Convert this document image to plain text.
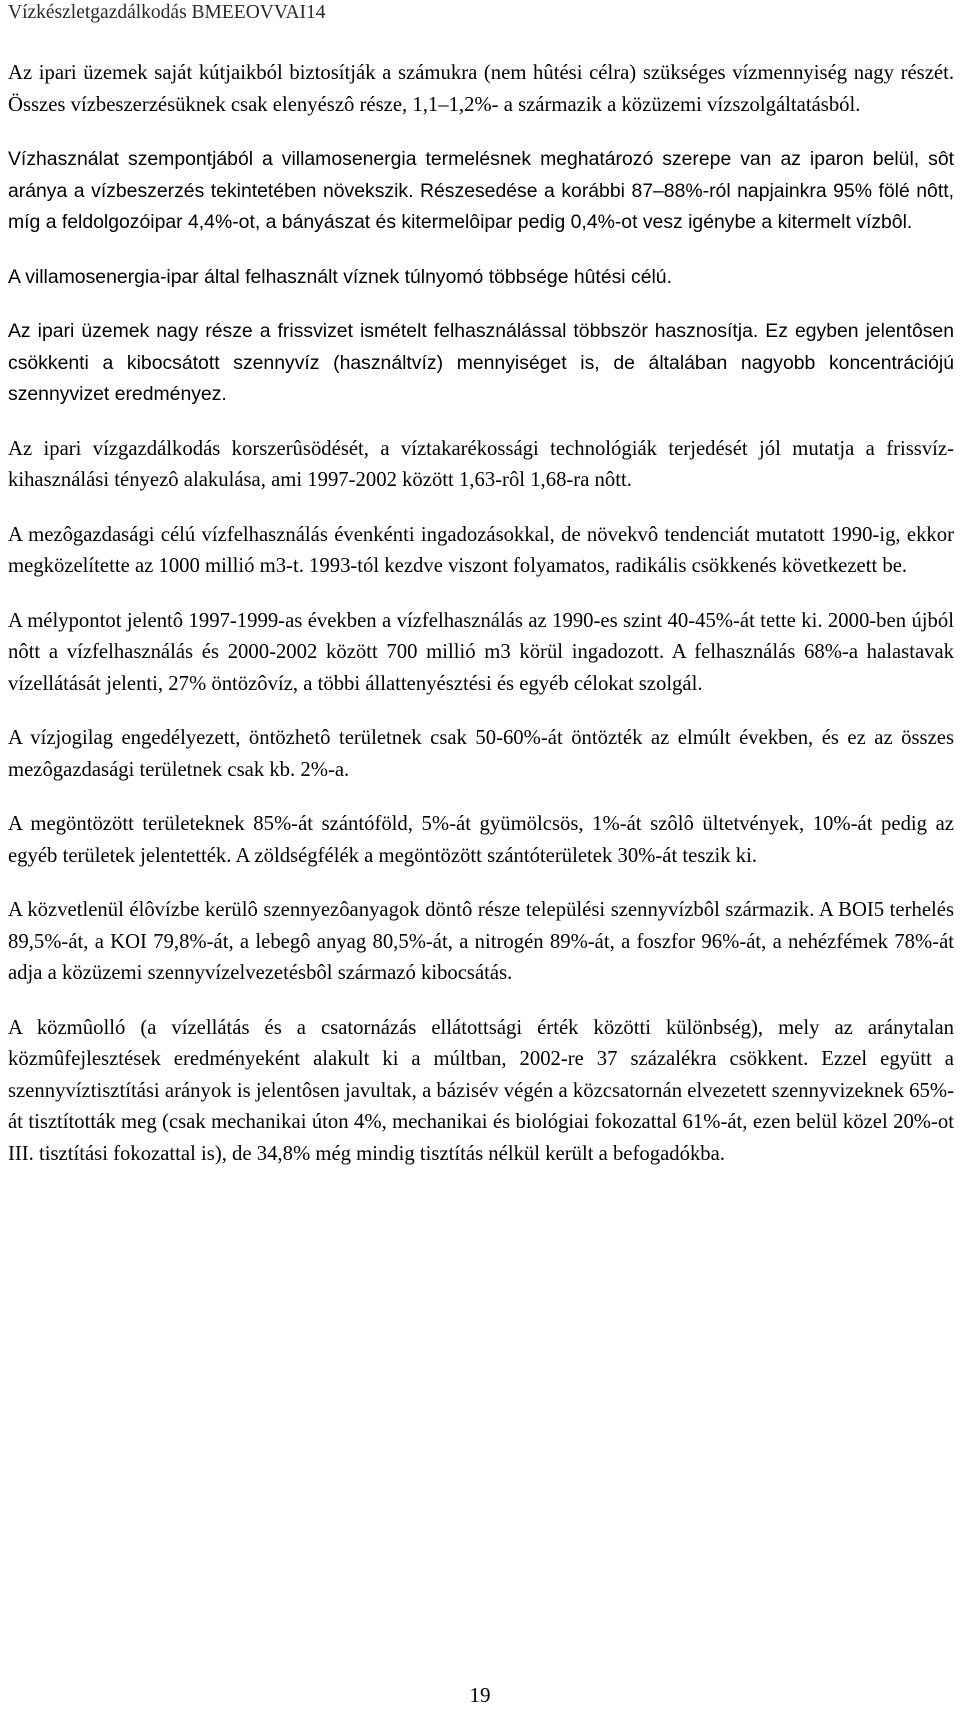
Vízkészletgazdálkodás BMEEOVVAI14

Az ipari üzemek saját kútjaikból biztosítják a számukra (nem hûtési célra) szükséges vízmennyiség nagy részét. Összes vízbeszerzésüknek csak elenyészô része, 1,1–1,2%- a származik a közüzemi vízszolgáltatásból.

Vízhasználat szempontjából a villamosenergia termelésnek meghatározó szerepe van az iparon belül, sôt aránya a vízbeszerzés tekintetében növekszik. Részesedése a korábbi 87–88%-ról napjainkra 95% fölé nôtt, míg a feldolgozóipar 4,4%-ot, a bányászat és kitermelôipar pedig 0,4%-ot vesz igénybe a kitermelt vízbôl.

A villamosenergia-ipar által felhasznált víznek túlnyomó többsége hûtési célú.

Az ipari üzemek nagy része a frissvizet ismételt felhasználással többször hasznosítja. Ez egyben jelentôsen csökkenti a kibocsátott szennyvíz (használtvíz) mennyiséget is, de általában nagyobb koncentrációjú szennyvizet eredményez.

Az ipari vízgazdálkodás korszerûsödését, a víztakarékossági technológiák terjedését jól mutatja a frissvíz-kihasználási tényezô alakulása, ami 1997-2002 között 1,63-rôl 1,68-ra nôtt.

A mezôgazdasági célú vízfelhasználás évenkénti ingadozásokkal, de növekvô tendenciát mutatott 1990-ig, ekkor megközelítette az 1000 millió m3-t. 1993-tól kezdve viszont folyamatos, radikális csökkenés következett be.

A mélypontot jelentô 1997-1999-as években a vízfelhasználás az 1990-es szint 40-45%-át tette ki. 2000-ben újból nôtt a vízfelhasználás és 2000-2002 között 700 millió m3 körül ingadozott. A felhasználás 68%-a halastavak vízellátását jelenti, 27% öntözôvíz, a többi állattenyésztési és egyéb célokat szolgál.

A vízjogilag engedélyezett, öntözhetô területnek csak 50-60%-át öntözték az elmúlt években, és ez az összes mezôgazdasági területnek csak kb. 2%-a.

A megöntözött területeknek 85%-át szántóföld, 5%-át gyümölcsös, 1%-át szôlô ültetvények, 10%-át pedig az egyéb területek jelentették. A zöldségfélék a megöntözött szántóterületek 30%-át teszik ki.

A közvetlenül élôvízbe kerülô szennyezôanyagok döntô része települési szennyvízbôl származik. A BOI5 terhelés 89,5%-át, a KOI 79,8%-át, a lebegô anyag 80,5%-át, a nitrogén 89%-át, a foszfor 96%-át, a nehézfémek 78%-át adja a közüzemi szennyvízelvezetésbôl származó kibocsátás.

A közmûolló (a vízellátás és a csatornázás ellátottsági érték közötti különbség), mely az aránytalan közmûfejlesztések eredményeként alakult ki a múltban, 2002-re 37 százalékra csökkent. Ezzel együtt a szennyvíztisztítási arányok is jelentôsen javultak, a bázisév végén a közcsatornán elvezetett szennyvizeknek 65%-át tisztították meg (csak mechanikai úton 4%, mechanikai és biológiai fokozattal 61%-át, ezen belül közel 20%-ot III. tisztítási fokozattal is), de 34,8% még mindig tisztítás nélkül került a befogadókba.

19
